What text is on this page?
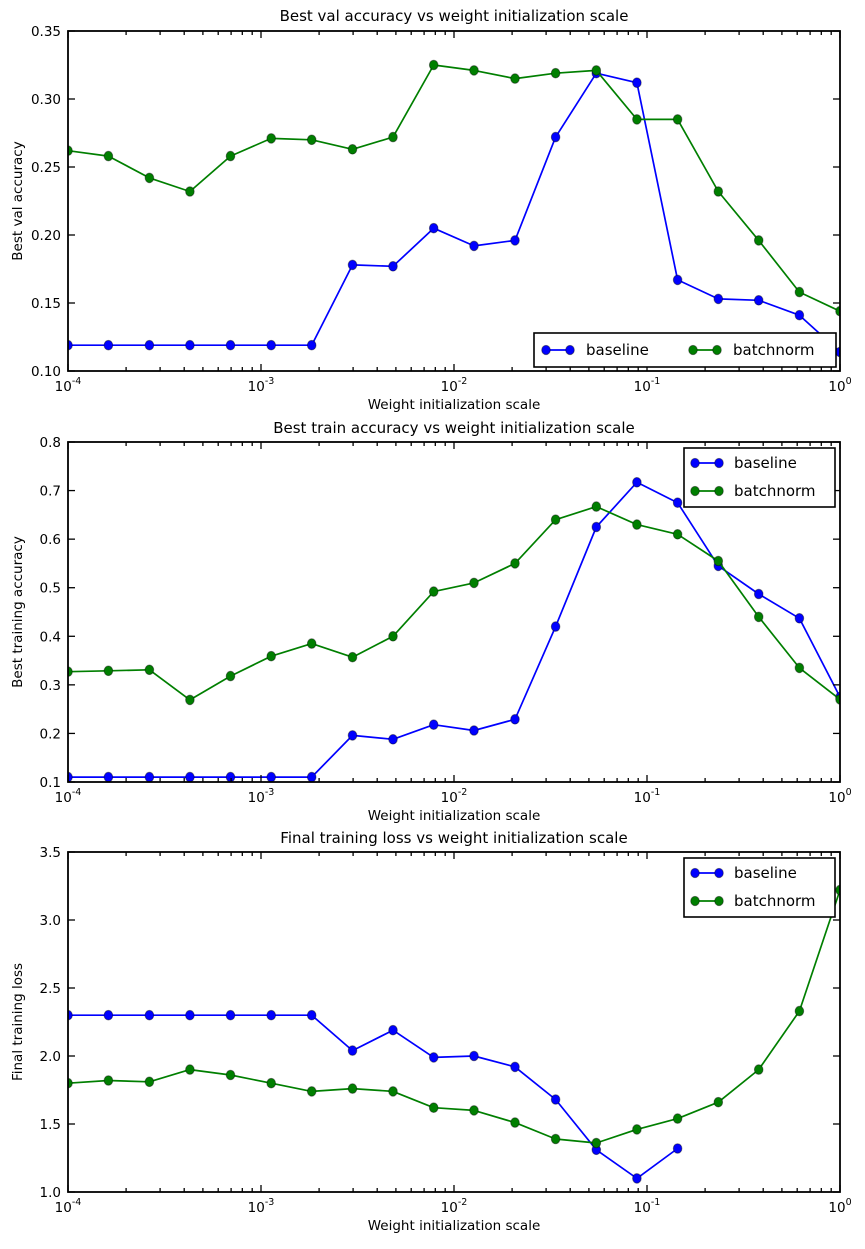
$10^{-4}$	$10^{-3}$	$10^{-2}$	$10^{-1}$	$10^0$
0.10
0.15
0.20
0.25
0.30
0.35
$10^{-4}$	$10^{-3}$	$10^{-2}$	$10^{-1}$	$10^0$
0.1
0.2
0.3
0.4
0.5
0.6
0.7
0.8
$10^{-4}$	$10^{-3}$	$10^{-2}$	$10^{-1}$	$10^0$
1.0
1.5
2.0
2.5
3.0
3.5
Best val accuracy vs weight initialization scale
Weight initialization scale
Best val accuracy
baseline	batchnorm
Best train accuracy vs weight initialization scale
Weight initialization scale
Best training accuracy
baseline
batchnorm
Final training loss vs weight initialization scale
Weight initialization scale
Final training loss
baseline
batchnorm
